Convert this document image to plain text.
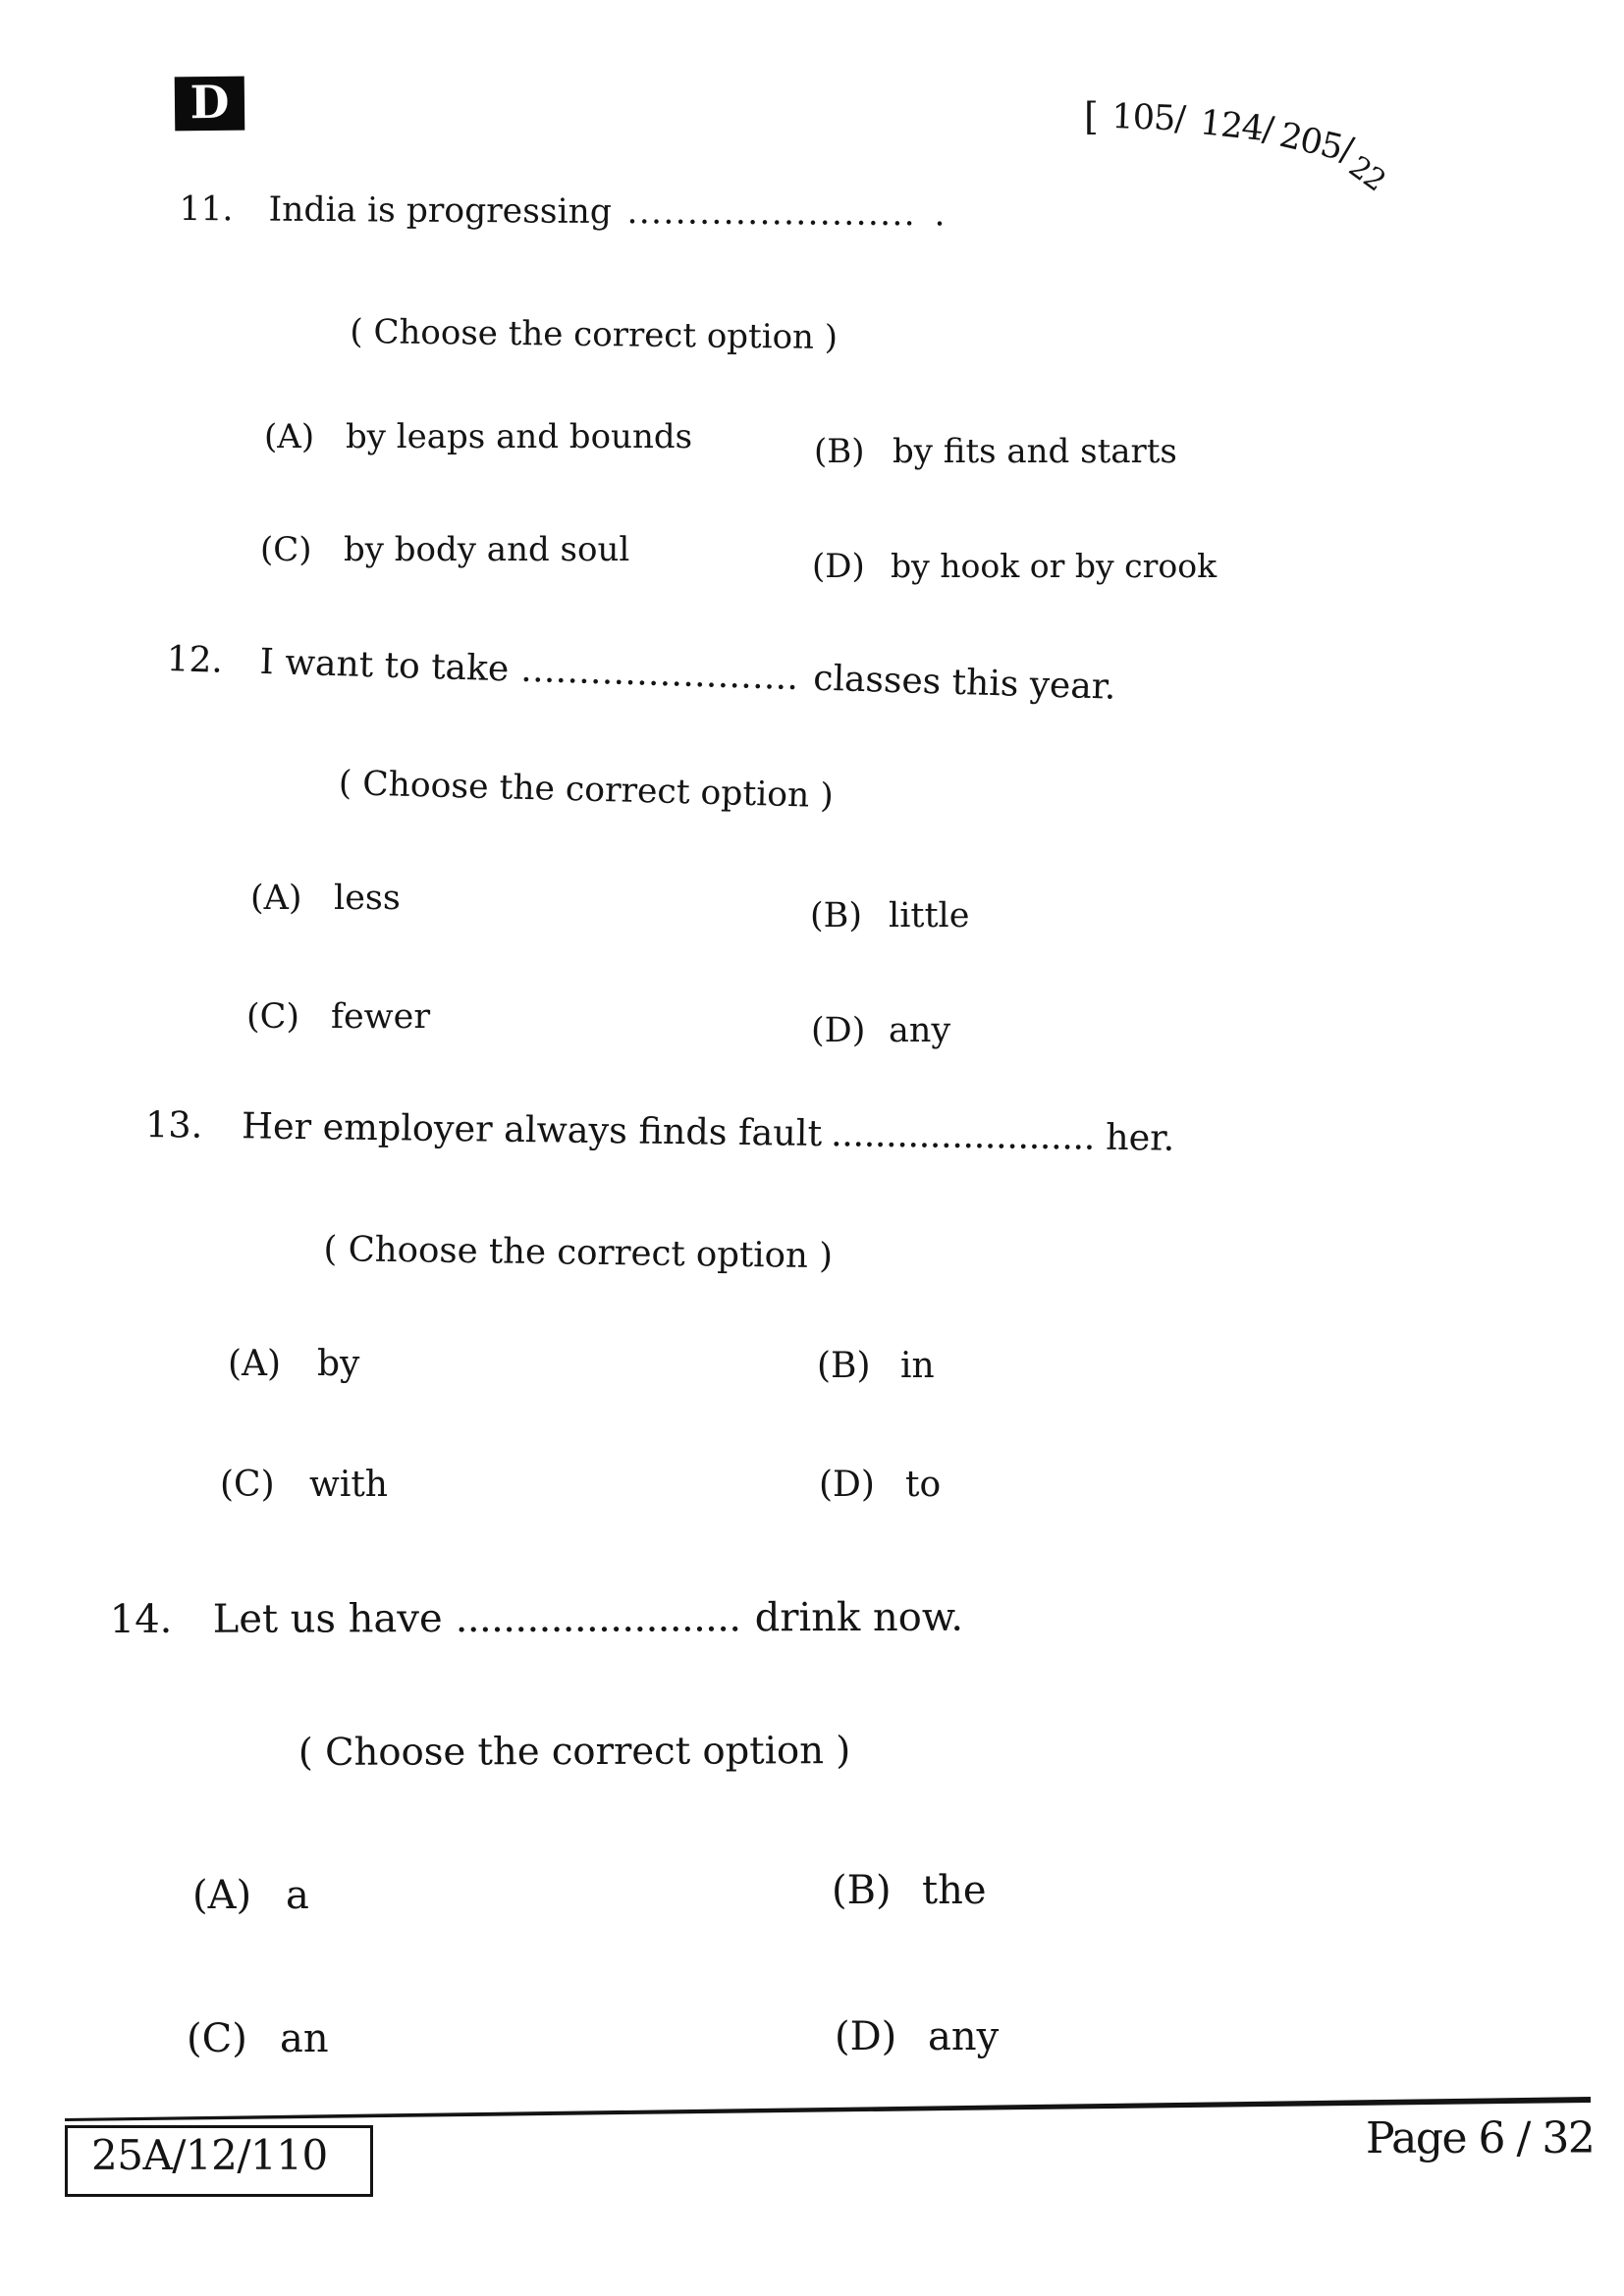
D	[ 105/ 124/ 205/
22

11.

India is progressing

........................

.

( Choose the correct option )

(A) by leaps and bounds	(B) by fits and starts
(C) by body and soul	(D) by hook or by crook

12.

I want to take

........................

classes this year.

( Choose the correct option )

(A) less	(B) little
(C) fewer	(D) any

13.

Her employer always finds fault

........................

her.

( Choose the correct option )

(A) by	(B) in
(C) with	(D) to

14.

Let us have

........................

drink now.

( Choose the correct option )

(A) a	(B) the
(C) an	(D) any
25A/12/110	Page 6 / 32
